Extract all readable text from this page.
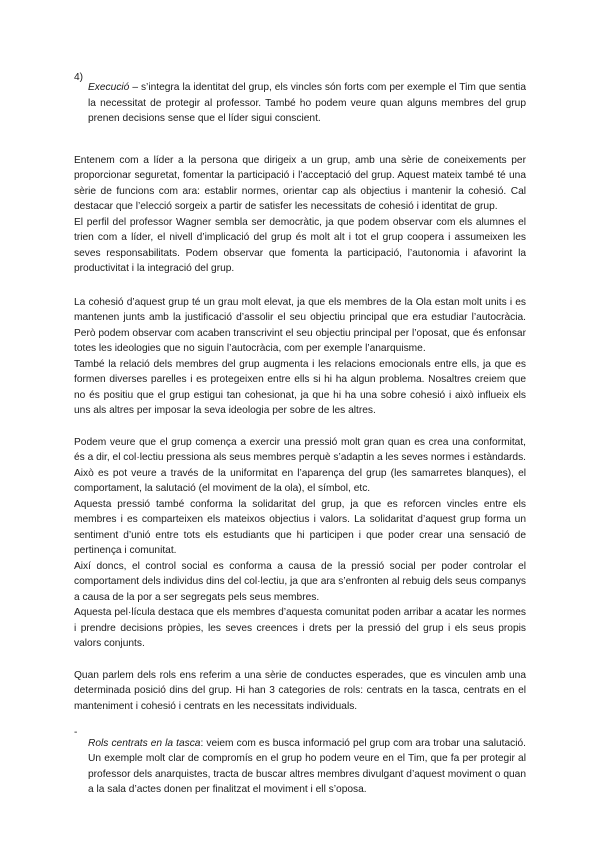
4)

Execució – s’integra la identitat del grup, els vincles són forts com per exemple el Tim que sentia la necessitat de protegir al professor. També ho podem veure quan alguns membres del grup prenen decisions sense que el líder sigui conscient.

Entenem com a líder a la persona que dirigeix a un grup, amb una sèrie de coneixements per proporcionar seguretat, fomentar la participació i l’acceptació del grup. Aquest mateix també té una sèrie de funcions com ara: establir normes, orientar cap als objectius i mantenir la cohesió. Cal destacar que l’elecció sorgeix a partir de satisfer les necessitats de cohesió i identitat de grup.

El perfil del professor Wagner sembla ser democràtic, ja que podem observar com els alumnes el trien com a líder, el nivell d’implicació del grup és molt alt i tot el grup coopera i assumeixen les seves responsabilitats. Podem observar que fomenta la participació, l’autonomia i afavorint la productivitat i la integració del grup.

La cohesió d’aquest grup té un grau molt elevat, ja que els membres de la Ola estan molt units i es mantenen junts amb la justificació d’assolir el seu objectiu principal que era estudiar l’autocràcia. Però podem observar com acaben transcrivint el seu objectiu principal per l’oposat, que és enfonsar totes les ideologies que no siguin l’autocràcia, com per exemple l’anarquisme.

També la relació dels membres del grup augmenta i les relacions emocionals entre ells, ja que es formen diverses parelles i es protegeixen entre ells si hi ha algun problema. Nosaltres creiem que no és positiu que el grup estigui tan cohesionat, ja que hi ha una sobre cohesió i això influeix els uns als altres per imposar la seva ideologia per sobre de les altres.

Podem veure que el grup comença a exercir una pressió molt gran quan es crea una conformitat, és a dir, el col·lectiu pressiona als seus membres perquè s’adaptin a les seves normes i estàndards. Això es pot veure a través de la uniformitat en l’aparença del grup (les samarretes blanques), el comportament, la salutació (el moviment de la ola), el símbol, etc.

Aquesta pressió també conforma la solidaritat del grup, ja que es reforcen vincles entre els membres i es comparteixen els mateixos objectius i valors. La solidaritat d’aquest grup forma un sentiment d’unió entre tots els estudiants que hi participen i que poder crear una sensació de pertinença i comunitat.

Així doncs, el control social es conforma a causa de la pressió social per poder controlar el comportament dels individus dins del col·lectiu, ja que ara s’enfronten al rebuig dels seus companys a causa de la por a ser segregats pels seus membres.

Aquesta pel·lícula destaca que els membres d’aquesta comunitat poden arribar a acatar les normes i prendre decisions pròpies, les seves creences i drets per la pressió del grup i els seus propis valors conjunts.

Quan parlem dels rols ens referim a una sèrie de conductes esperades, que es vinculen amb una determinada posició dins del grup. Hi han 3 categories de rols: centrats en la tasca, centrats en el manteniment i cohesió i centrats en les necessitats individuals.

-

Rols centrats en la tasca: veiem com es busca informació pel grup com ara trobar una salutació. Un exemple molt clar de compromís en el grup ho podem veure en el Tim, que fa per protegir al professor dels anarquistes, tracta de buscar altres membres divulgant d’aquest moviment o quan a la sala d’actes donen per finalitzat el moviment i ell s’oposa.
